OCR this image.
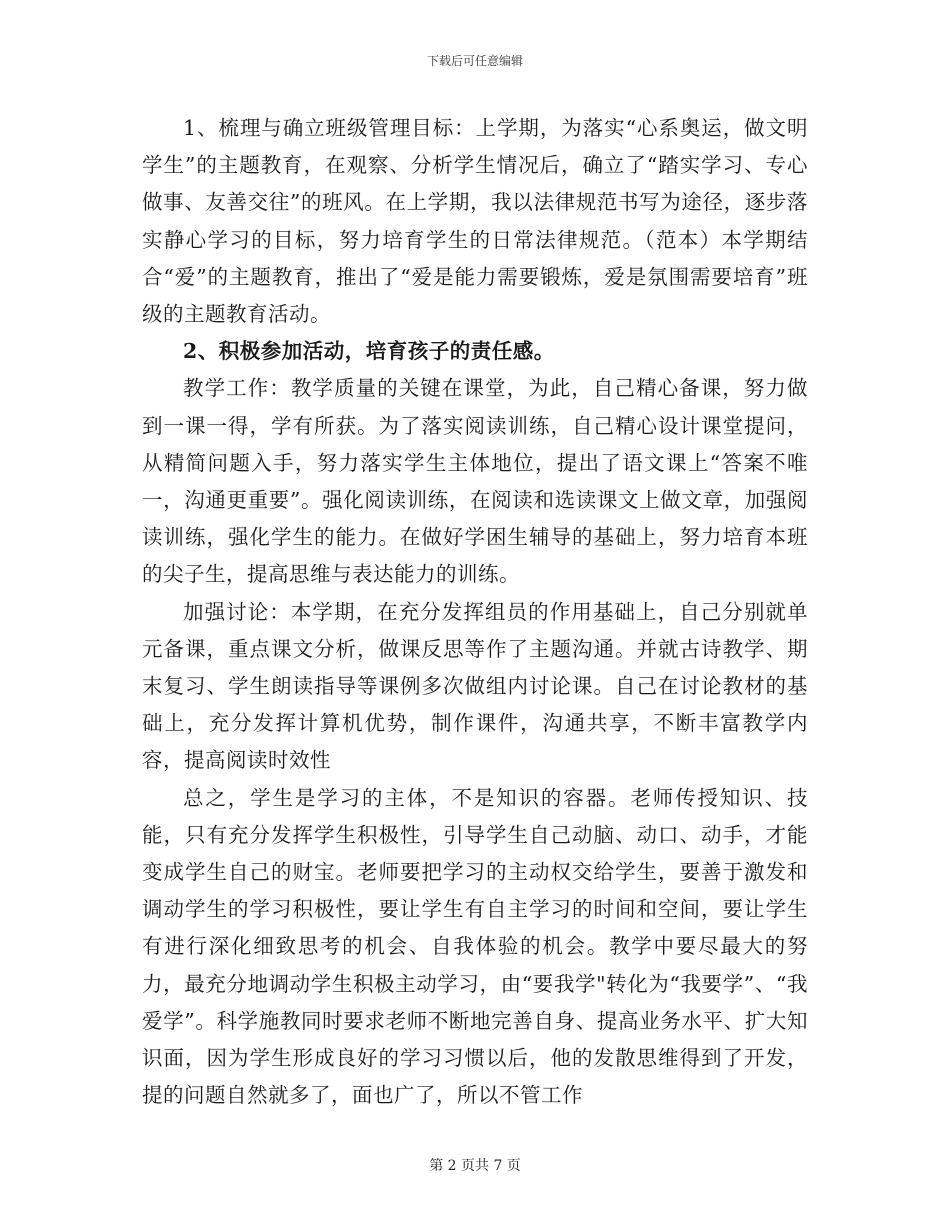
下载后可任意编辑

1、梳理与确立班级管理目标：上学期，为落实“心系奥运，做文明学生”的主题教育，在观察、分析学生情况后，确立了“踏实学习、专心做事、友善交往”的班风。在上学期，我以法律规范书写为途径，逐步落实静心学习的目标，努力培育学生的日常法律规范。（范本）本学期结合“爱”的主题教育，推出了“爱是能力需要锻炼，爱是氛围需要培育”班级的主题教育活动。

2、积极参加活动，培育孩子的责任感。

教学工作：教学质量的关键在课堂，为此，自己精心备课，努力做到一课一得，学有所获。为了落实阅读训练，自己精心设计课堂提问，从精简问题入手，努力落实学生主体地位，提出了语文课上“答案不唯一，沟通更重要”。强化阅读训练，在阅读和选读课文上做文章，加强阅读训练，强化学生的能力。在做好学困生辅导的基础上，努力培育本班的尖子生，提高思维与表达能力的训练。

加强讨论：本学期，在充分发挥组员的作用基础上，自己分别就单元备课，重点课文分析，做课反思等作了主题沟通。并就古诗教学、期末复习、学生朗读指导等课例多次做组内讨论课。自己在讨论教材的基础上，充分发挥计算机优势，制作课件，沟通共享，不断丰富教学内容，提高阅读时效性

总之，学生是学习的主体，不是知识的容器。老师传授知识、技能，只有充分发挥学生积极性，引导学生自己动脑、动口、动手，才能变成学生自己的财宝。老师要把学习的主动权交给学生，要善于激发和调动学生的学习积极性，要让学生有自主学习的时间和空间，要让学生有进行深化细致思考的机会、自我体验的机会。教学中要尽最大的努力，最充分地调动学生积极主动学习，由“要我学"转化为“我要学”、“我爱学”。科学施教同时要求老师不断地完善自身、提高业务水平、扩大知识面，因为学生形成良好的学习习惯以后，他的发散思维得到了开发，提的问题自然就多了，面也广了，所以不管工作

第 2 页共 7 页
